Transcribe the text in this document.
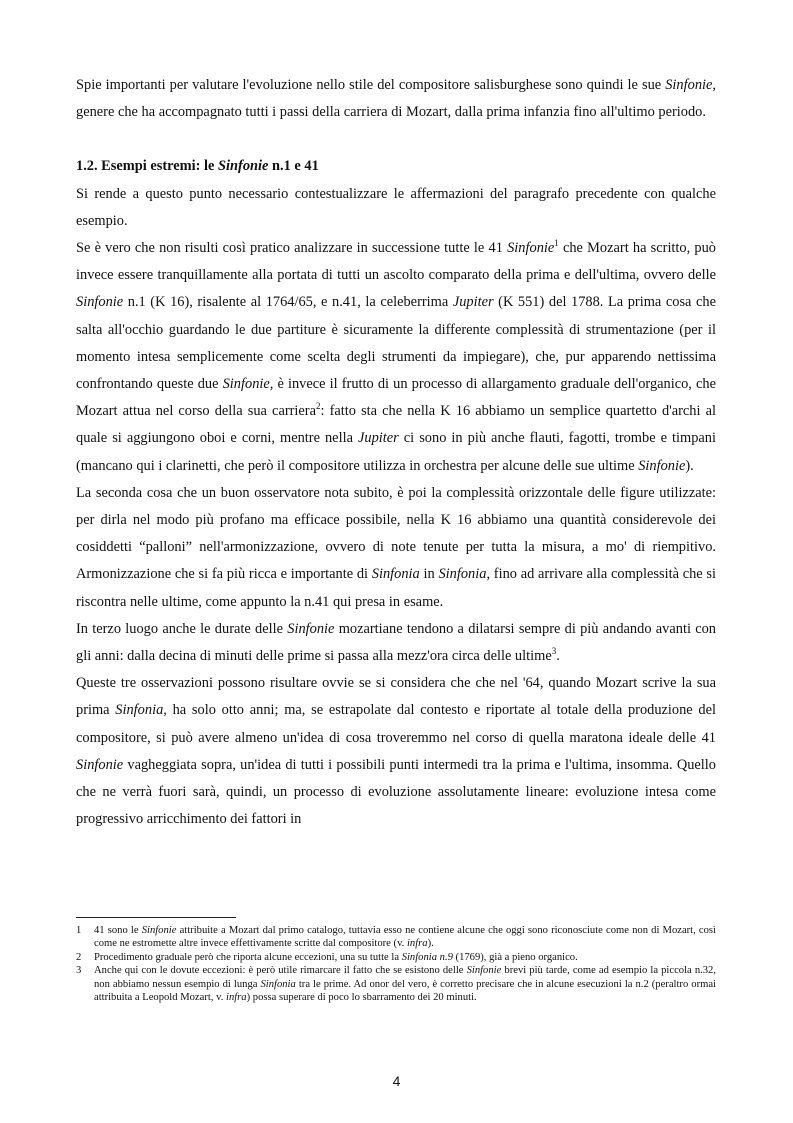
Spie importanti per valutare l'evoluzione nello stile del compositore salisburghese sono quindi le sue Sinfonie, genere che ha accompagnato tutti i passi della carriera di Mozart, dalla prima infanzia fino all'ultimo periodo.

1.2. Esempi estremi: le Sinfonie n.1 e 41

Si rende a questo punto necessario contestualizzare le affermazioni del paragrafo precedente con qualche esempio.

Se è vero che non risulti così pratico analizzare in successione tutte le 41 Sinfonie$^1$ che Mozart ha scritto, può invece essere tranquillamente alla portata di tutti un ascolto comparato della prima e dell'ultima, ovvero delle Sinfonie n.1 (K 16), risalente al 1764/65, e n.41, la celeberrima Jupiter (K 551) del 1788. La prima cosa che salta all'occhio guardando le due partiture è sicuramente la differente complessità di strumentazione (per il momento intesa semplicemente come scelta degli strumenti da impiegare), che, pur apparendo nettissima confrontando queste due Sinfonie, è invece il frutto di un processo di allargamento graduale dell'organico, che Mozart attua nel corso della sua carriera$^2$: fatto sta che nella K 16 abbiamo un semplice quartetto d'archi al quale si aggiungono oboi e corni, mentre nella Jupiter ci sono in più anche flauti, fagotti, trombe e timpani (mancano qui i clarinetti, che però il compositore utilizza in orchestra per alcune delle sue ultime Sinfonie).

La seconda cosa che un buon osservatore nota subito, è poi la complessità orizzontale delle figure utilizzate: per dirla nel modo più profano ma efficace possibile, nella K 16 abbiamo una quantità considerevole dei cosiddetti “palloni” nell'armonizzazione, ovvero di note tenute per tutta la misura, a mo' di riempitivo. Armonizzazione che si fa più ricca e importante di Sinfonia in Sinfonia, fino ad arrivare alla complessità che si riscontra nelle ultime, come appunto la n.41 qui presa in esame.

In terzo luogo anche le durate delle Sinfonie mozartiane tendono a dilatarsi sempre di più andando avanti con gli anni: dalla decina di minuti delle prime si passa alla mezz'ora circa delle ultime$^3$.

Queste tre osservazioni possono risultare ovvie se si considera che che nel '64, quando Mozart scrive la sua prima Sinfonia, ha solo otto anni; ma, se estrapolate dal contesto e riportate al totale della produzione del compositore, si può avere almeno un'idea di cosa troveremmo nel corso di quella maratona ideale delle 41 Sinfonie vagheggiata sopra, un'idea di tutti i possibili punti intermedi tra la prima e l'ultima, insomma. Quello che ne verrà fuori sarà, quindi, un processo di evoluzione assolutamente lineare: evoluzione intesa come progressivo arricchimento dei fattori in

1	41 sono le Sinfonie attribuite a Mozart dal primo catalogo, tuttavia esso ne contiene alcune che oggi sono riconosciute come non di Mozart, così come ne estromette altre invece effettivamente scritte dal compositore (v. infra).
2	Procedimento graduale però che riporta alcune eccezioni, una su tutte la Sinfonia n.9 (1769), già a pieno organico.
3	Anche qui con le dovute eccezioni: è però utile rimarcare il fatto che se esistono delle Sinfonie brevi più tarde, come ad esempio la piccola n.32, non abbiamo nessun esempio di lunga Sinfonia tra le prime. Ad onor del vero, è corretto precisare che in alcune esecuzioni la n.2 (peraltro ormai attribuita a Leopold Mozart, v. infra) possa superare di poco lo sbarramento dei 20 minuti.
4
